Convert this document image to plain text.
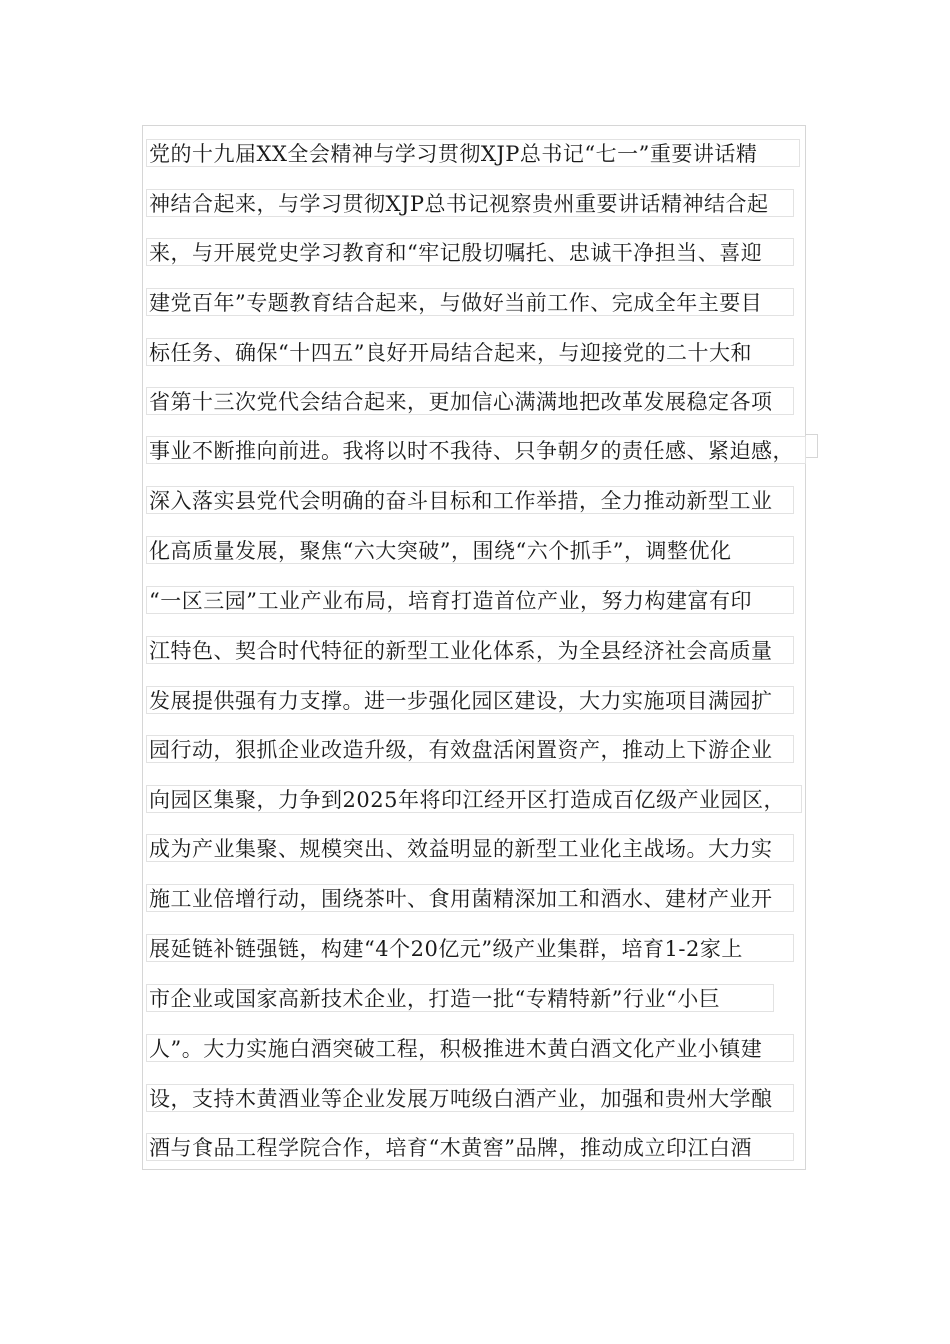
党的十九届XX全会精神与学习贯彻XJP总书记“七一”重要讲话精
神结合起来，与学习贯彻XJP总书记视察贵州重要讲话精神结合起
来，与开展党史学习教育和“牢记殷切嘱托、忠诚干净担当、喜迎
建党百年”专题教育结合起来，与做好当前工作、完成全年主要目
标任务、确保“十四五”良好开局结合起来，与迎接党的二十大和
省第十三次党代会结合起来，更加信心满满地把改革发展稳定各项
事业不断推向前进。我将以时不我待、只争朝夕的责任感、紧迫感，
深入落实县党代会明确的奋斗目标和工作举措，全力推动新型工业
化高质量发展，聚焦“六大突破”，围绕“六个抓手”，调整优化
“一区三园”工业产业布局，培育打造首位产业，努力构建富有印
江特色、契合时代特征的新型工业化体系，为全县经济社会高质量
发展提供强有力支撑。进一步强化园区建设，大力实施项目满园扩
园行动，狠抓企业改造升级，有效盘活闲置资产，推动上下游企业
向园区集聚，力争到2025年将印江经开区打造成百亿级产业园区，
成为产业集聚、规模突出、效益明显的新型工业化主战场。大力实
施工业倍增行动，围绕茶叶、食用菌精深加工和酒水、建材产业开
展延链补链强链，构建“4个20亿元”级产业集群，培育1-2家上
市企业或国家高新技术企业，打造一批“专精特新”行业“小巨
人”。大力实施白酒突破工程，积极推进木黄白酒文化产业小镇建
设，支持木黄酒业等企业发展万吨级白酒产业，加强和贵州大学酿
酒与食品工程学院合作，培育“木黄窖”品牌，推动成立印江白酒
